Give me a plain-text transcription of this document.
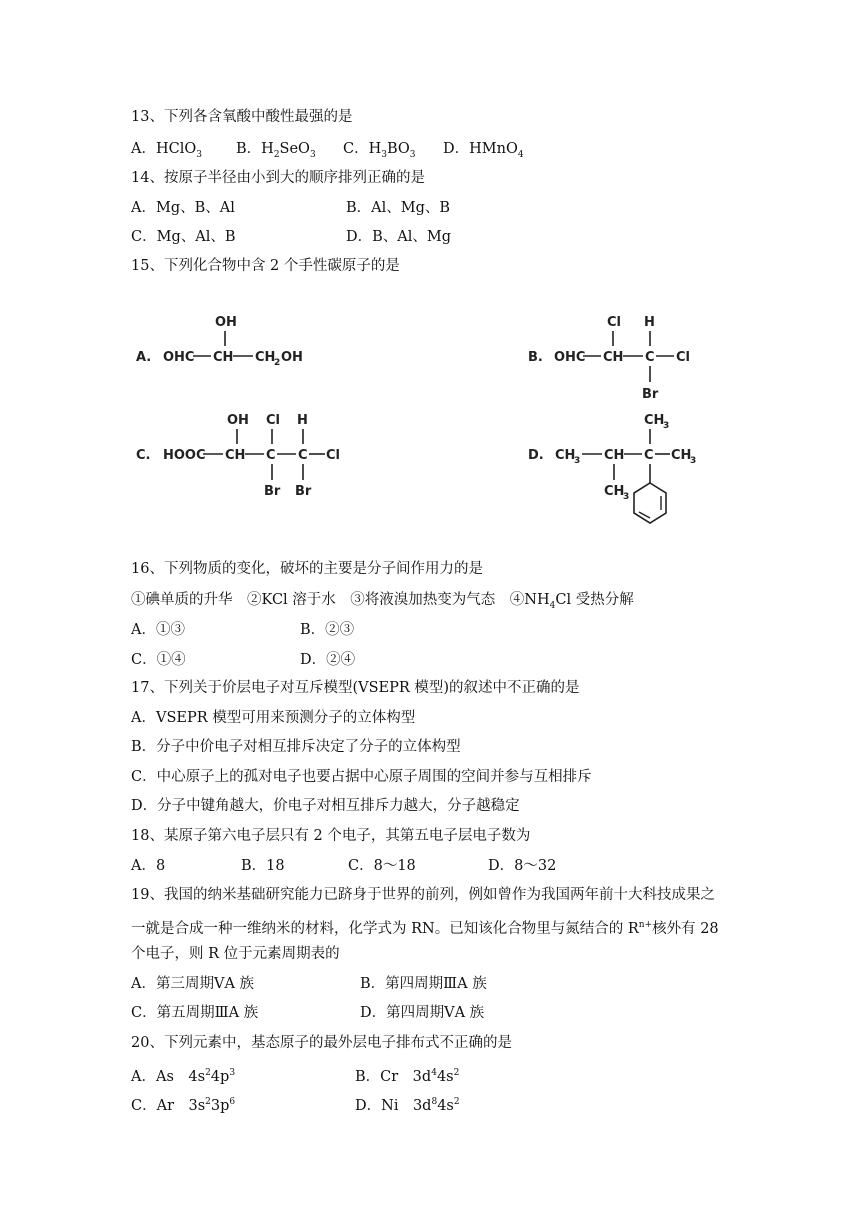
13、下列各含氧酸中酸性最强的是
A．HClO$_3$ B．$H_2SeO_3$ C．$H_3BO_3$ D．HMnO$_4$
14、按原子半径由小到大的顺序排列正确的是
A．Mg、B、Al	B．Al、Mg、B
C．Mg、Al、B	D．B、Al、Mg
15、下列化合物中含 2 个手性碳原子的是
A. OHC CH CH
2 OH
OH
B. OHC CH C Cl
Cl H
Br
C. HOOC CH C C Cl
OH Cl H
Br Br
D. CH
3 CH C CH
3
CH
3
CH
3
16、下列物质的变化，破坏的主要是分子间作用力的是
①碘单质的升华　②KCl 溶于水　③将液溴加热变为气态　$④NH_4Cl$ 受热分解
A．①③	B．②③
C．①④	D．②④
17、下列关于价层电子对互斥模型(VSEPR 模型)的叙述中不正确的是
A．VSEPR 模型可用来预测分子的立体构型
B．分子中价电子对相互排斥决定了分子的立体构型
C．中心原子上的孤对电子也要占据中心原子周围的空间并参与互相排斥
D．分子中键角越大，价电子对相互排斥力越大，分子越稳定
18、某原子第六电子层只有 2 个电子，其第五电子层电子数为
A．8	B．18	C．8～18	D．8～32
19、我国的纳米基础研究能力已跻身于世界的前列，例如曾作为我国两年前十大科技成果之
一就是合成一种一维纳米的材料，化学式为 RN。已知该化合物里与氮结合的 $R^{n+}$核外有 28
个电子，则 R 位于元素周期表的
A．第三周期ⅤA 族	B．第四周期ⅢA 族
C．第五周期ⅢA 族	D．第四周期ⅤA 族
20、下列元素中，基态原子的最外层电子排布式不正确的是
A．As　$4s^24p^3$	B．Cr　$3d^44s^2$
C．Ar　$3s^23p^6$	D．Ni　$3d^84s^2$
